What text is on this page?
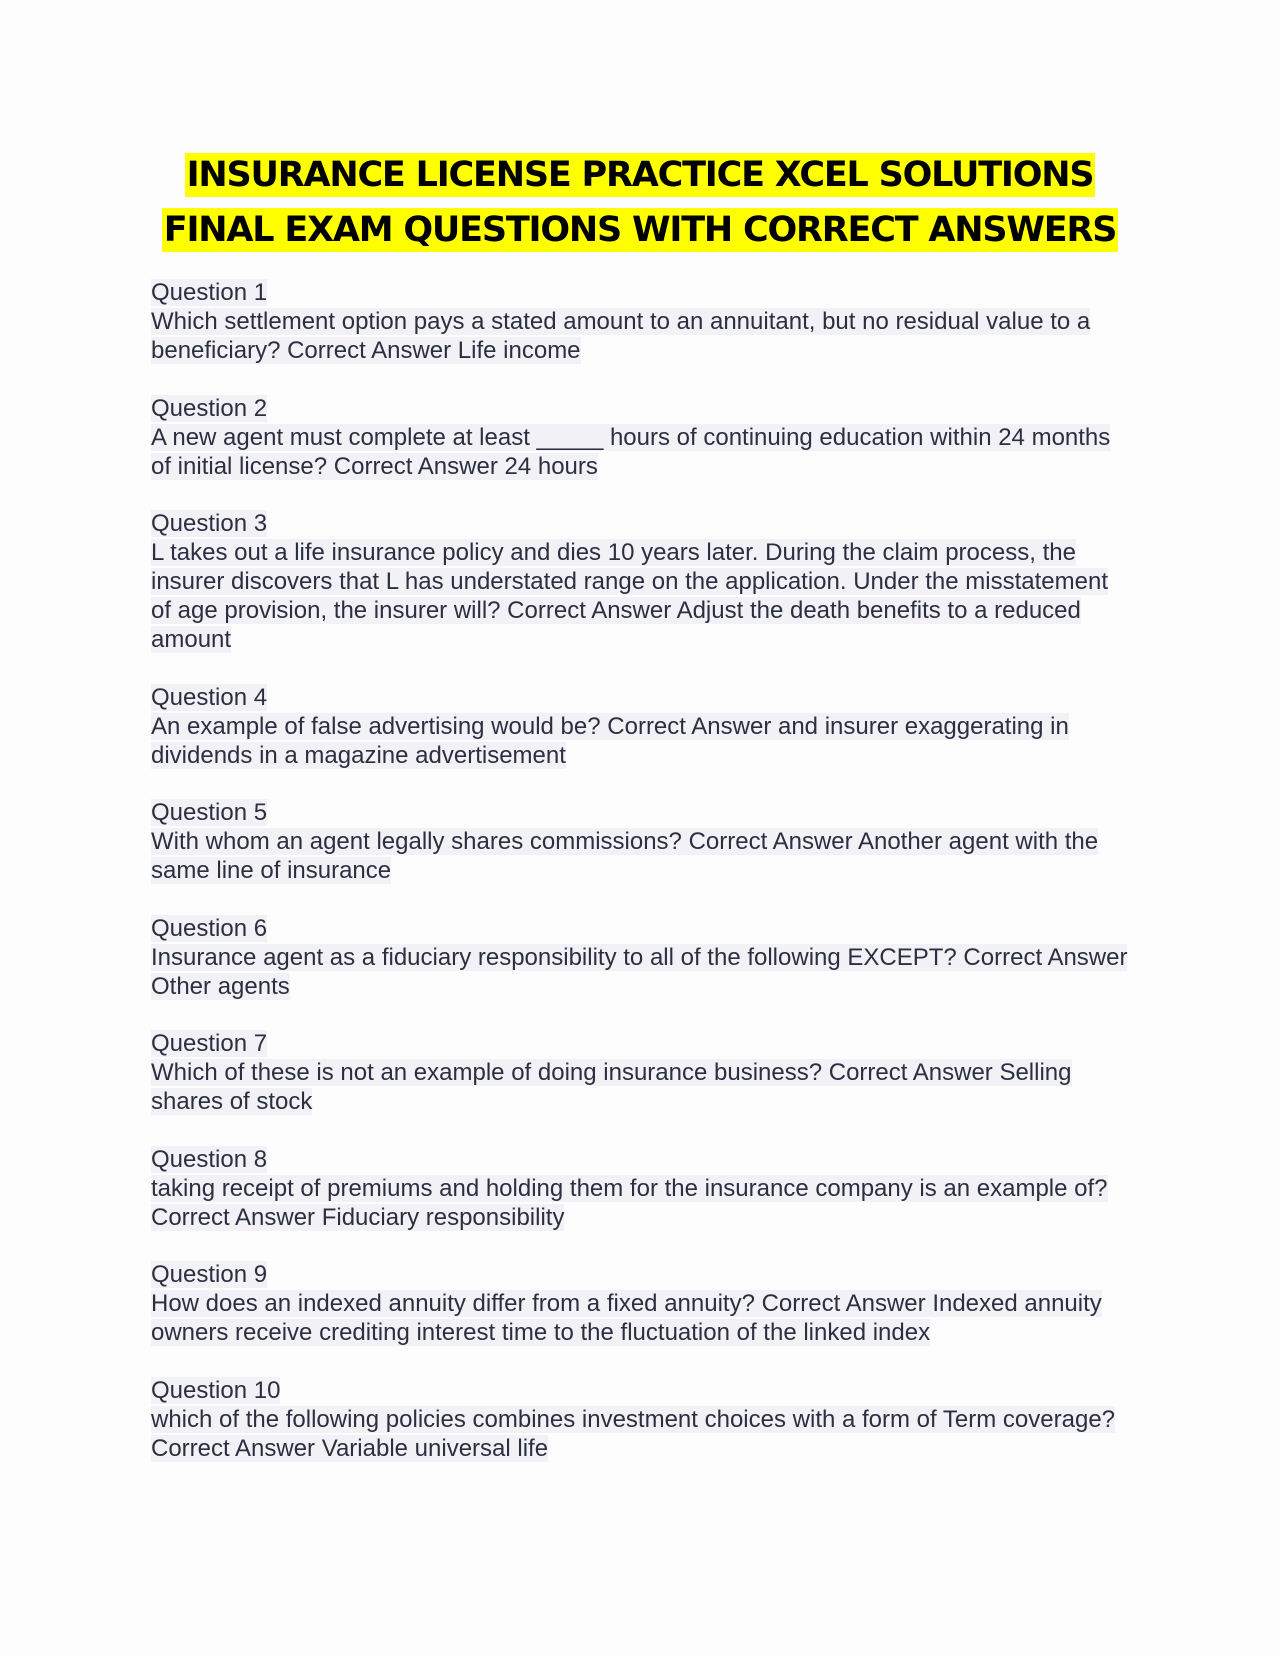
INSURANCE LICENSE PRACTICE XCEL SOLUTIONS FINAL EXAM QUESTIONS WITH CORRECT ANSWERS
Question 1
Which settlement option pays a stated amount to an annuitant, but no residual value to a beneficiary? Correct Answer Life income
Question 2
A new agent must complete at least _____ hours of continuing education within 24 months of initial license? Correct Answer 24 hours
Question 3
L takes out a life insurance policy and dies 10 years later. During the claim process, the insurer discovers that L has understated range on the application. Under the misstatement of age provision, the insurer will? Correct Answer Adjust the death benefits to a reduced amount
Question 4
An example of false advertising would be? Correct Answer and insurer exaggerating in dividends in a magazine advertisement
Question 5
With whom an agent legally shares commissions? Correct Answer Another agent with the same line of insurance
Question 6
Insurance agent as a fiduciary responsibility to all of the following EXCEPT? Correct Answer Other agents
Question 7
Which of these is not an example of doing insurance business? Correct Answer Selling shares of stock
Question 8
taking receipt of premiums and holding them for the insurance company is an example of? Correct Answer Fiduciary responsibility
Question 9
How does an indexed annuity differ from a fixed annuity? Correct Answer Indexed annuity owners receive crediting interest time to the fluctuation of the linked index
Question 10
which of the following policies combines investment choices with a form of Term coverage? Correct Answer Variable universal life
